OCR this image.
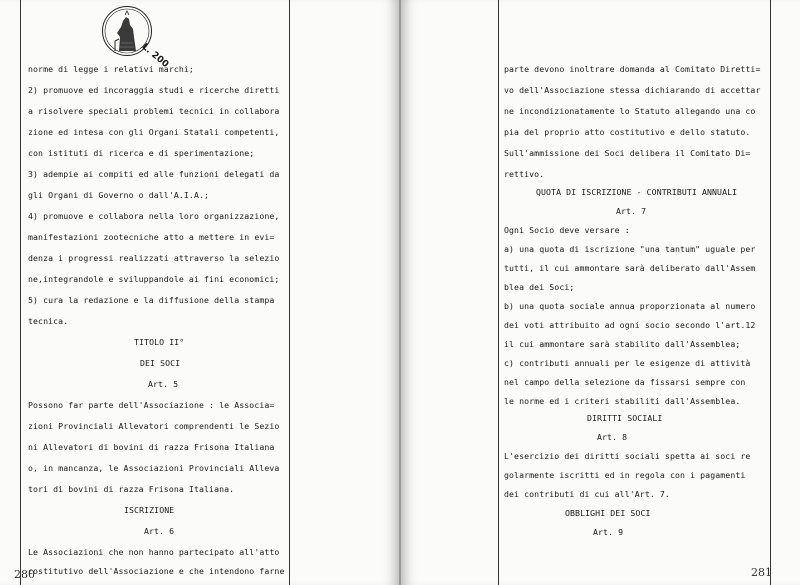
L. 200
norme di legge i relativi marchi;
2) promuove ed incoraggia studi e ricerche diretti
a risolvere speciali problemi tecnici in collabora
zione ed intesa con gli Organi Statali competenti,
con istituti di ricerca e di sperimentazione;
3) adempie ai compiti ed alle funzioni delegati da
gli Organi di Governo o dall'A.I.A.;
4) promuove e collabora nella loro organizzazione,
manifestazioni zootecniche atto a mettere in evi=
denza i progressi realizzati attraverso la selezio
ne,integrandole e sviluppandole ai fini economici;
5) cura la redazione e la diffusione della stampa
tecnica.
TITOLO II°
DEI SOCI
Art. 5
Possono far parte dell'Associazione : le Associa=
zioni Provinciali Allevatori comprendenti le Sezio
ni Allevatori di bovini di razza Frisona Italiana
o, in mancanza, le Associazioni Provinciali Alleva
tori di bovini di razza Frisona Italiana.
ISCRIZIONE
Art. 6
Le Associazioni che non hanno partecipato all'atto
costitutivo dell'Associazione e che intendono farne
280
parte devono inoltrare domanda al Comitato Diretti=
vo dell'Associazione stessa dichiarando di accettar
ne incondizionatamente lo Statuto allegando una co
pia del proprio atto costitutivo e dello statuto.
Sull'ammissione dei Soci delibera il Comitato Di=
rettivo.
QUOTA DI ISCRIZIONE - CONTRIBUTI ANNUALI
Art. 7
Ogni Socio deve versare :
a) una quota di iscrizione "una tantum" uguale per
tutti, il cui ammontare sarà deliberato dall'Assem
blea dei Soci;
b) una quota sociale annua proporzionata al numero
dei voti attribuito ad ogni socio secondo l'art.12
il cui ammontare sarà stabilito dall'Assemblea;
c) contributi annuali per le esigenze di attività
nel campo della selezione da fissarsi sempre con
le norme ed i criteri stabiliti dall'Assemblea.
DIRITTI SOCIALI
Art. 8
L'esercizio dei diritti sociali spetta ai soci re
golarmente iscritti ed in regola con i pagamenti
dei contributi di cui all'Art. 7.
OBBLIGHI DEI SOCI
Art. 9
281
